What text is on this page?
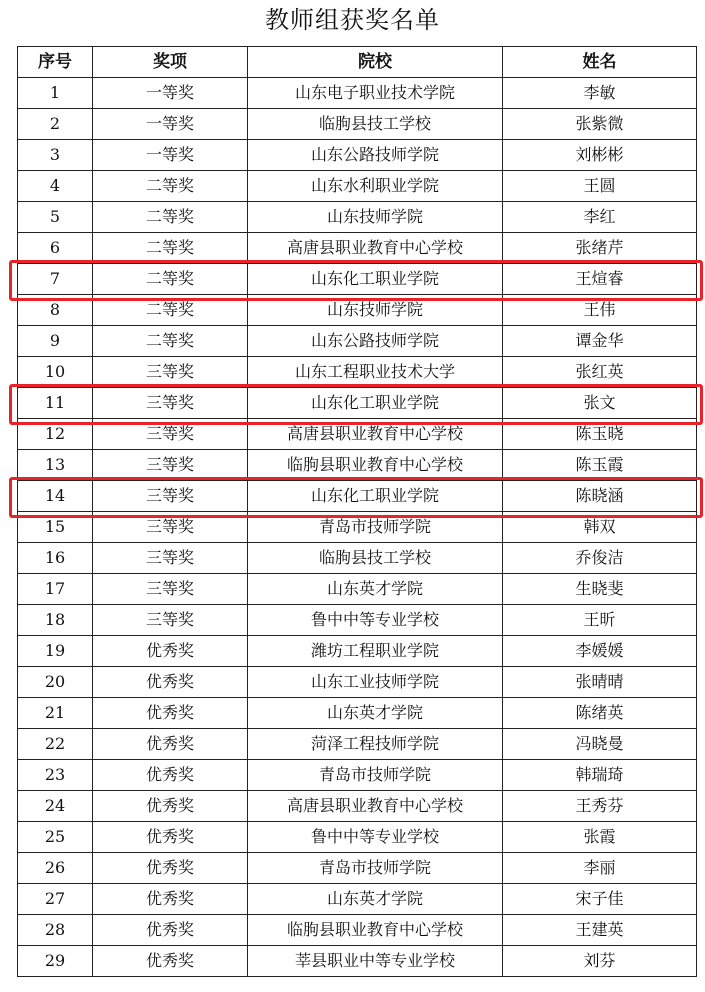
教师组获奖名单
序号	奖项	院校	姓名
1	一等奖	山东电子职业技术学院	李敏
2	一等奖	临朐县技工学校	张紫微
3	一等奖	山东公路技师学院	刘彬彬
4	二等奖	山东水利职业学院	王圆
5	二等奖	山东技师学院	李红
6	二等奖	高唐县职业教育中心学校	张绪芹
7	二等奖	山东化工职业学院	王煊睿
8	二等奖	山东技师学院	王伟
9	二等奖	山东公路技师学院	谭金华
10	三等奖	山东工程职业技术大学	张红英
11	三等奖	山东化工职业学院	张文
12	三等奖	高唐县职业教育中心学校	陈玉晓
13	三等奖	临朐县职业教育中心学校	陈玉霞
14	三等奖	山东化工职业学院	陈晓涵
15	三等奖	青岛市技师学院	韩双
16	三等奖	临朐县技工学校	乔俊洁
17	三等奖	山东英才学院	生晓斐
18	三等奖	鲁中中等专业学校	王昕
19	优秀奖	潍坊工程职业学院	李媛媛
20	优秀奖	山东工业技师学院	张晴晴
21	优秀奖	山东英才学院	陈绪英
22	优秀奖	菏泽工程技师学院	冯晓曼
23	优秀奖	青岛市技师学院	韩瑞琦
24	优秀奖	高唐县职业教育中心学校	王秀芬
25	优秀奖	鲁中中等专业学校	张霞
26	优秀奖	青岛市技师学院	李丽
27	优秀奖	山东英才学院	宋子佳
28	优秀奖	临朐县职业教育中心学校	王建英
29	优秀奖	莘县职业中等专业学校	刘芬
